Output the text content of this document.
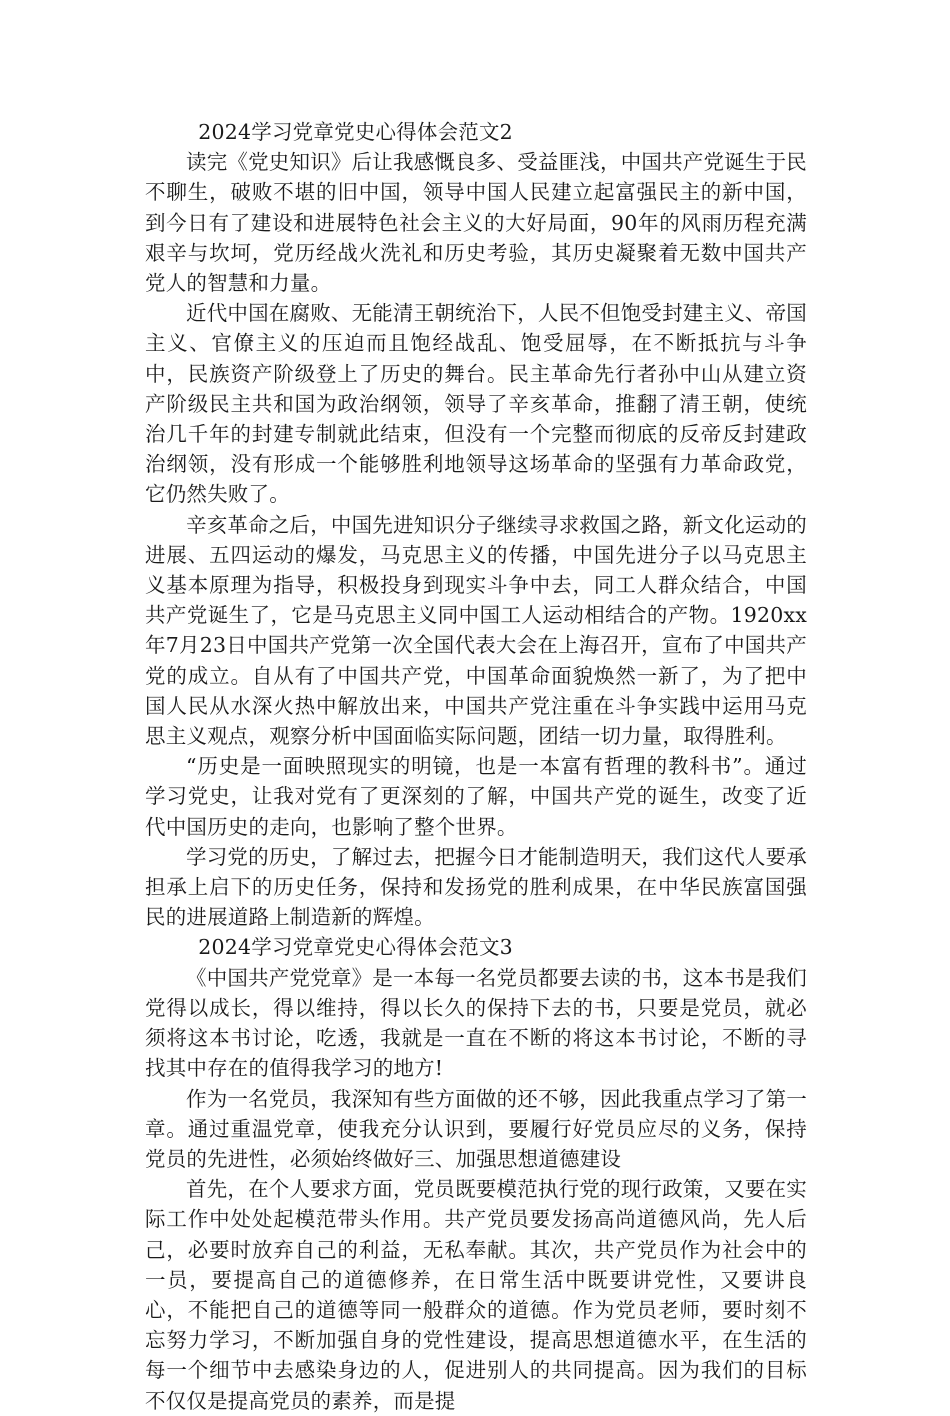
2024学习党章党史心得体会范文2

读完《党史知识》后让我感慨良多、受益匪浅，中国共产党诞生于民不聊生，破败不堪的旧中国，领导中国人民建立起富强民主的新中国，到今日有了建设和进展特色社会主义的大好局面，90年的风雨历程充满艰辛与坎坷，党历经战火洗礼和历史考验，其历史凝聚着无数中国共产党人的智慧和力量。

近代中国在腐败、无能清王朝统治下，人民不但饱受封建主义、帝国主义、官僚主义的压迫而且饱经战乱、饱受屈辱，在不断抵抗与斗争中，民族资产阶级登上了历史的舞台。民主革命先行者孙中山从建立资产阶级民主共和国为政治纲领，领导了辛亥革命，推翻了清王朝，使统治几千年的封建专制就此结束，但没有一个完整而彻底的反帝反封建政治纲领，没有形成一个能够胜利地领导这场革命的坚强有力革命政党，它仍然失败了。

辛亥革命之后，中国先进知识分子继续寻求救国之路，新文化运动的进展、五四运动的爆发，马克思主义的传播，中国先进分子以马克思主义基本原理为指导，积极投身到现实斗争中去，同工人群众结合，中国共产党诞生了，它是马克思主义同中国工人运动相结合的产物。1920xx年7月23日中国共产党第一次全国代表大会在上海召开，宣布了中国共产党的成立。自从有了中国共产党，中国革命面貌焕然一新了，为了把中国人民从水深火热中解放出来，中国共产党注重在斗争实践中运用马克思主义观点，观察分析中国面临实际问题，团结一切力量，取得胜利。

“历史是一面映照现实的明镜，也是一本富有哲理的教科书”。通过学习党史，让我对党有了更深刻的了解，中国共产党的诞生，改变了近代中国历史的走向，也影响了整个世界。

学习党的历史，了解过去，把握今日才能制造明天，我们这代人要承担承上启下的历史任务，保持和发扬党的胜利成果，在中华民族富国强民的进展道路上制造新的辉煌。

2024学习党章党史心得体会范文3

《中国共产党党章》是一本每一名党员都要去读的书，这本书是我们党得以成长，得以维持，得以长久的保持下去的书，只要是党员，就必须将这本书讨论，吃透，我就是一直在不断的将这本书讨论，不断的寻找其中存在的值得我学习的地方!

作为一名党员，我深知有些方面做的还不够，因此我重点学习了第一章。通过重温党章，使我充分认识到，要履行好党员应尽的义务，保持党员的先进性，必须始终做好三、加强思想道德建设

首先，在个人要求方面，党员既要模范执行党的现行政策，又要在实际工作中处处起模范带头作用。共产党员要发扬高尚道德风尚，先人后己，必要时放弃自己的利益，无私奉献。其次，共产党员作为社会中的一员，要提高自己的道德修养，在日常生活中既要讲党性，又要讲良心，不能把自己的道德等同一般群众的道德。作为党员老师，要时刻不忘努力学习，不断加强自身的党性建设，提高思想道德水平，在生活的每一个细节中去感染身边的人，促进别人的共同提高。因为我们的目标不仅仅是提高党员的素养，而是提
